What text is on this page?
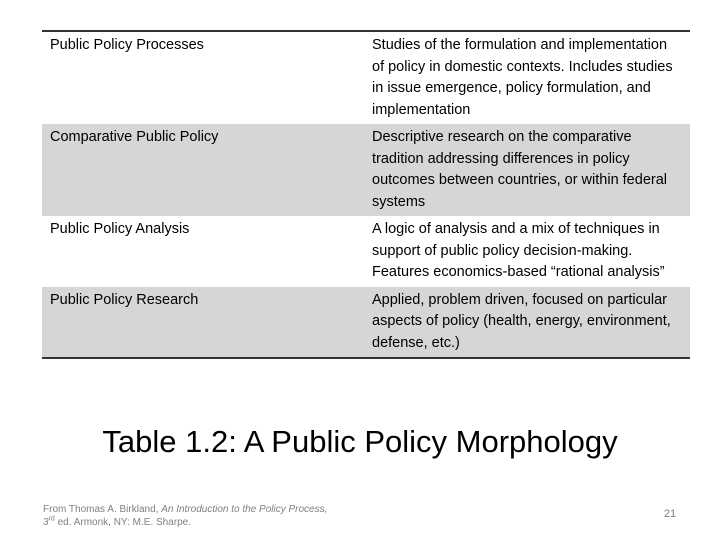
Public Policy Processes	Studies of the formulation and implementation of policy in domestic contexts. Includes studies in issue emergence, policy formulation, and implementation
Comparative Public Policy	Descriptive research on the comparative tradition addressing differences in policy outcomes between countries, or within federal systems
Public Policy Analysis	A logic of analysis and a mix of techniques in support of public policy decision-making. Features economics-based “rational analysis”
Public Policy Research	Applied, problem driven, focused on particular aspects of policy (health, energy, environment, defense, etc.)
Table 1.2: A Public Policy Morphology
From Thomas A. Birkland, An Introduction to the Policy Process, 3rd ed. Armonk, NY: M.E. Sharpe.
21
